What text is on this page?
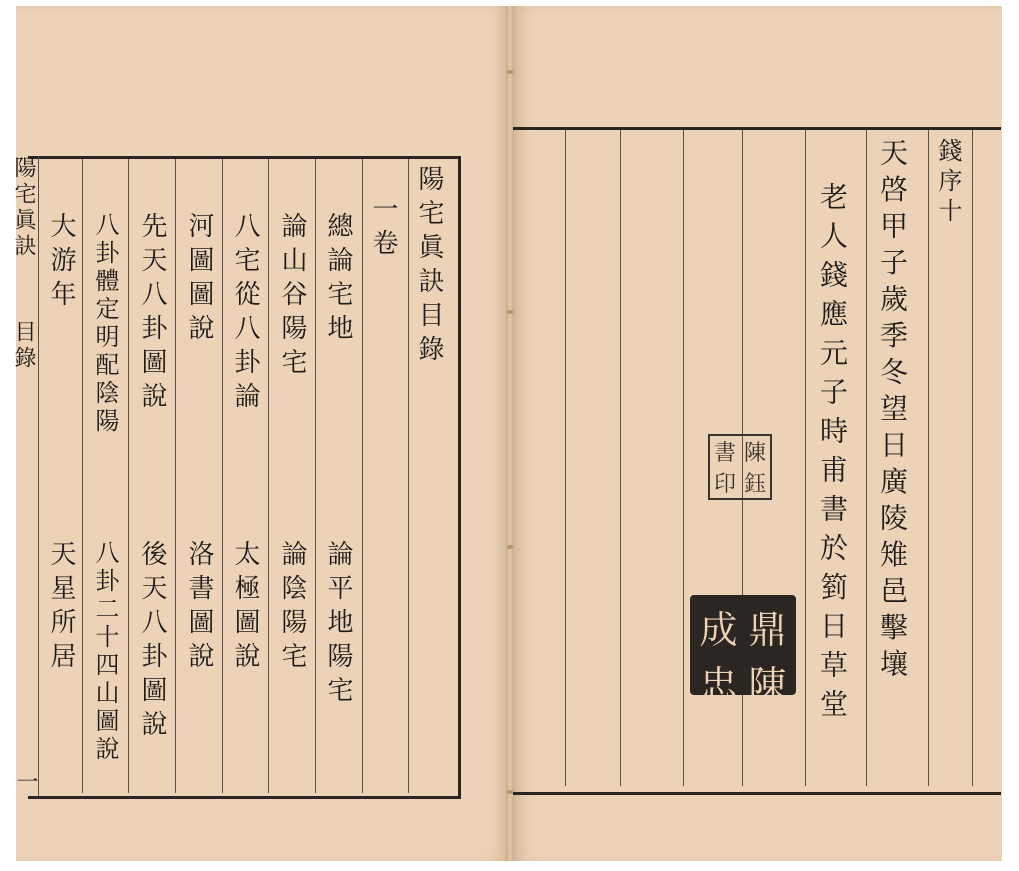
陽宅眞訣
目錄
一
陽宅眞訣目錄
一卷
總論宅地
論平地陽宅
論山谷陽宅
論陰陽宅
八宅從八卦論
太極圖說
河圖圖說
洛書圖說
先天八卦圖說
後天八卦圖說
八卦體定明配陰陽
八卦二十四山圖說
大游年
天星所居
錢序十
天啓甲子歲季冬望日廣陵雉邑擊壤
老人錢應元子時甫書於箌日草堂
陳
鈺
書
印
鼎
陳
成
忠
